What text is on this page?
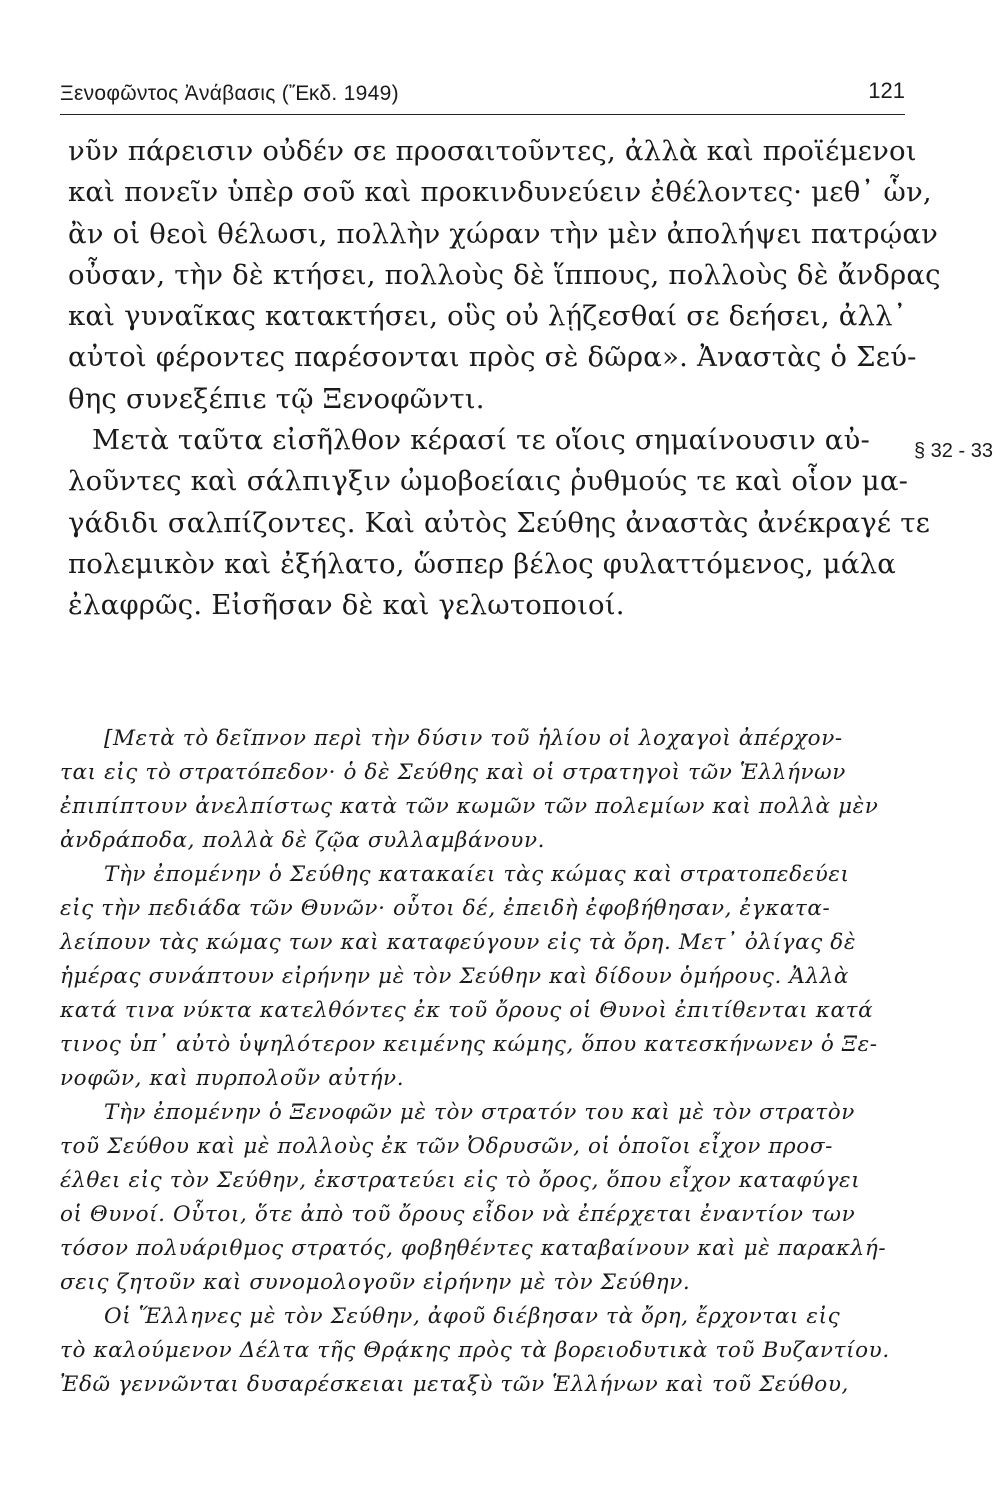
Ξενοφῶντος Ἀνάβασις (Ἔκδ. 1949)	121
νῦν πάρεισιν οὐδέν σε προσαιτοῦντες, ἀλλὰ καὶ προϊέμενοι
καὶ πονεῖν ὑπὲρ σοῦ καὶ προκινδυνεύειν ἐθέλοντες· μεθ᾽ ὧν,
ἂν οἱ θεοὶ θέλωσι, πολλὴν χώραν τὴν μὲν ἀπολήψει πατρῴαν
οὖσαν, τὴν δὲ κτήσει, πολλοὺς δὲ ἵππους, πολλοὺς δὲ ἄνδρας
καὶ γυναῖκας κατακτήσει, οὓς οὐ λῄζεσθαί σε δεήσει, ἀλλ᾽
αὐτοὶ φέροντες παρέσονται πρὸς σὲ δῶρα». Ἀναστὰς ὁ Σεύ-
θης συνεξέπιε τῷ Ξενοφῶντι.
Μετὰ ταῦτα εἰσῆλθον κέρασί τε οἵοις σημαίνουσιν αὐ-
λοῦντες καὶ σάλπιγξιν ὠμοβοείαις ῥυθμούς τε καὶ οἷον μα-
γάδιδι σαλπίζοντες. Καὶ αὐτὸς Σεύθης ἀναστὰς ἀνέκραγέ τε
πολεμικὸν καὶ ἐξήλατο, ὥσπερ βέλος φυλαττόμενος, μάλα
ἐλαφρῶς. Εἰσῆσαν δὲ καὶ γελωτοποιοί.
§ 32 - 33
[Μετὰ τὸ δεῖπνον περὶ τὴν δύσιν τοῦ ἡλίου οἱ λοχαγοὶ ἀπέρχον-
ται εἰς τὸ στρατόπεδον· ὁ δὲ Σεύθης καὶ οἱ στρατηγοὶ τῶν Ἑλλήνων
ἐπιπίπτουν ἀνελπίστως κατὰ τῶν κωμῶν τῶν πολεμίων καὶ πολλὰ μὲν
ἀνδράποδα, πολλὰ δὲ ζῷα συλλαμβάνουν.
Τὴν ἐπομένην ὁ Σεύθης κατακαίει τὰς κώμας καὶ στρατοπεδεύει
εἰς τὴν πεδιάδα τῶν Θυνῶν· οὗτοι δέ, ἐπειδὴ ἐφοβήθησαν, ἐγκατα-
λείπουν τὰς κώμας των καὶ καταφεύγουν εἰς τὰ ὄρη. Μετ᾽ ὀλίγας δὲ
ἡμέρας συνάπτουν εἰρήνην μὲ τὸν Σεύθην καὶ δίδουν ὁμήρους. Ἀλλὰ
κατά τινα νύκτα κατελθόντες ἐκ τοῦ ὄρους οἱ Θυνοὶ ἐπιτίθενται κατά
τινος ὑπ᾽ αὐτὸ ὑψηλότερον κειμένης κώμης, ὅπου κατεσκήνωνεν ὁ Ξε-
νοφῶν, καὶ πυρπολοῦν αὐτήν.
Τὴν ἐπομένην ὁ Ξενοφῶν μὲ τὸν στρατόν του καὶ μὲ τὸν στρατὸν
τοῦ Σεύθου καὶ μὲ πολλοὺς ἐκ τῶν Ὀδρυσῶν, οἱ ὁποῖοι εἶχον προσ-
έλθει εἰς τὸν Σεύθην, ἐκστρατεύει εἰς τὸ ὄρος, ὅπου εἶχον καταφύγει
οἱ Θυνοί. Οὗτοι, ὅτε ἀπὸ τοῦ ὄρους εἶδον νὰ ἐπέρχεται ἐναντίον των
τόσον πολυάριθμος στρατός, φοβηθέντες καταβαίνουν καὶ μὲ παρακλή-
σεις ζητοῦν καὶ συνομολογοῦν εἰρήνην μὲ τὸν Σεύθην.
Οἱ Ἕλληνες μὲ τὸν Σεύθην, ἀφοῦ διέβησαν τὰ ὄρη, ἔρχονται εἰς
τὸ καλούμενον Δέλτα τῆς Θρᾴκης πρὸς τὰ βορειοδυτικὰ τοῦ Βυζαντίου.
Ἐδῶ γεννῶνται δυσαρέσκειαι μεταξὺ τῶν Ἑλλήνων καὶ τοῦ Σεύθου,
